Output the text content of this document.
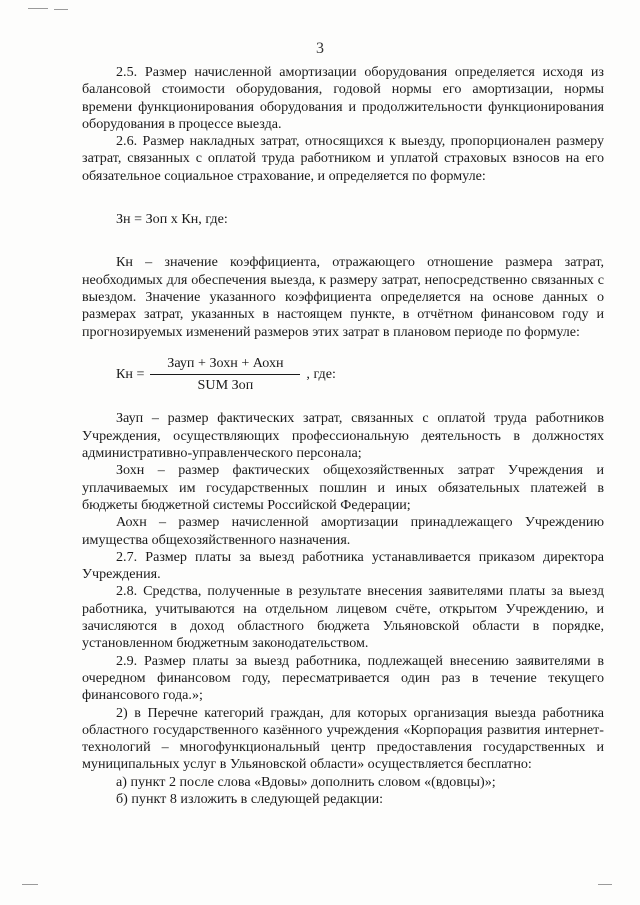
3

2.5. Размер начисленной амортизации оборудования определяется исходя из балансовой стоимости оборудования, годовой нормы его амортизации, нормы времени функционирования оборудования и продолжительности функционирования оборудования в процессе выезда.

2.6. Размер накладных затрат, относящихся к выезду, пропорционален размеру затрат, связанных с оплатой труда работником и уплатой страховых взносов на его обязательное социальное страхование, и определяется по формуле:

Зн = Зоп х Кн, где:

Кн – значение коэффициента, отражающего отношение размера затрат, необходимых для обеспечения выезда, к размеру затрат, непосредственно связанных с выездом. Значение указанного коэффициента определяется на основе данных о размерах затрат, указанных в настоящем пункте, в отчётном финансовом году и прогнозируемых изменений размеров этих затрат в плановом периоде по формуле:

Кн = $\frac{\text{Зауп + Зохн + Аохн}}{\text{SUM Зоп}}$ , где:

Зауп – размер фактических затрат, связанных с оплатой труда работников Учреждения, осуществляющих профессиональную деятельность в должностях административно-управленческого персонала;

Зохн – размер фактических общехозяйственных затрат Учреждения и уплачиваемых им государственных пошлин и иных обязательных платежей в бюджеты бюджетной системы Российской Федерации;

Аохн – размер начисленной амортизации принадлежащего Учреждению имущества общехозяйственного назначения.

2.7. Размер платы за выезд работника устанавливается приказом директора Учреждения.

2.8. Средства, полученные в результате внесения заявителями платы за выезд работника, учитываются на отдельном лицевом счёте, открытом Учреждению, и зачисляются в доход областного бюджета Ульяновской области в порядке, установленном бюджетным законодательством.

2.9. Размер платы за выезд работника, подлежащей внесению заявителями в очередном финансовом году, пересматривается один раз в течение текущего финансового года.»;

2) в Перечне категорий граждан, для которых организация выезда работника областного государственного казённого учреждения «Корпорация развития интернет-технологий – многофункциональный центр предоставления государственных и муниципальных услуг в Ульяновской области» осуществляется бесплатно:

а) пункт 2 после слова «Вдовы» дополнить словом «(вдовцы)»;

б) пункт 8 изложить в следующей редакции:
